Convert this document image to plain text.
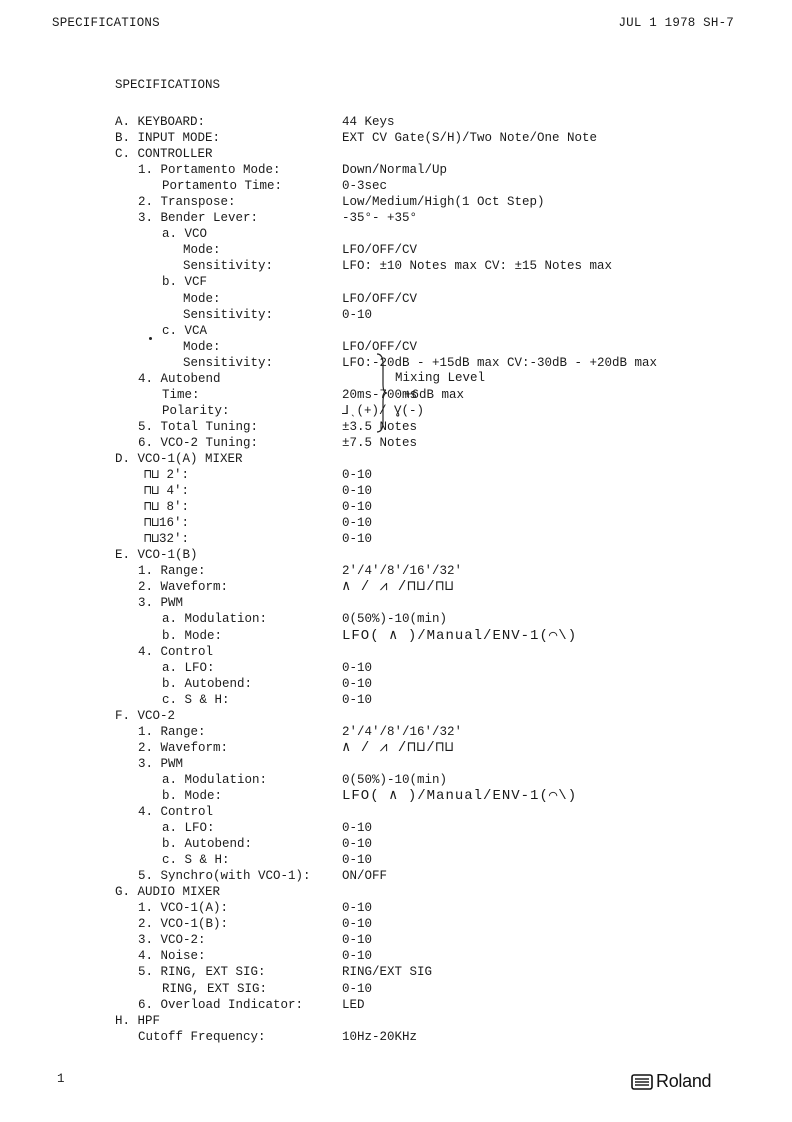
SPECIFICATIONS	JUL 1 1978 SH-7
SPECIFICATIONS
A. KEYBOARD:	44 Keys
B. INPUT MODE:	EXT CV Gate(S/H)/Two Note/One Note
C. CONTROLLER
1. Portamento Mode:	Down/Normal/Up
Portamento Time:	0-3sec
2. Transpose:	Low/Medium/High(1 Oct Step)
3. Bender Lever:	-35°- +35°
a. VCO
Mode:	LFO/OFF/CV
Sensitivity:	LFO: ±10 Notes max CV: ±15 Notes max
b. VCF
Mode:	LFO/OFF/CV
Sensitivity:	0-10
c. VCA
Mode:	LFO/OFF/CV
Sensitivity:	LFO:-20dB - +15dB max CV:-30dB - +20dB max
4. Autobend
Time:	20ms-700ms
Polarity:	⅃ˎ(+)/ Ɣ(-)
5. Total Tuning:	±3.5 Notes
6. VCO-2 Tuning:	±7.5 Notes
D. VCO-1(A) MIXER
⊓⊔ 2':	0-10
⊓⊔ 4':	0-10
⊓⊔ 8':	0-10
⊓⊔16':	0-10
⊓⊔32':	0-10
E. VCO-1(B)
1. Range:	2'/4'/8'/16'/32'
2. Waveform:	∧ / ⩘ /⊓⊔/⊓⊔
3. PWM
a. Modulation:	0(50%)-10(min)
b. Mode:	LFO( ∧ )/Manual/ENV-1(⌒\)
4. Control
a. LFO:	0-10
b. Autobend:	0-10
c. S & H:	0-10
F. VCO-2
1. Range:	2'/4'/8'/16'/32'
2. Waveform:	∧ / ⩘ /⊓⊔/⊓⊔
3. PWM
a. Modulation:	0(50%)-10(min)
b. Mode:	LFO( ∧ )/Manual/ENV-1(⌒\)
4. Control
a. LFO:	0-10
b. Autobend:	0-10
c. S & H:	0-10
5. Synchro(with VCO-1):	ON/OFF
G. AUDIO MIXER
1. VCO-1(A):	0-10
2. VCO-1(B):	0-10
3. VCO-2:	0-10
4. Noise:	0-10
5. RING, EXT SIG:	RING/EXT SIG
RING, EXT SIG:	0-10
6. Overload Indicator:	LED
H. HPF
Cutoff Frequency:	10Hz-20KHz
Mixing Level
+6dB max
1	Roland
